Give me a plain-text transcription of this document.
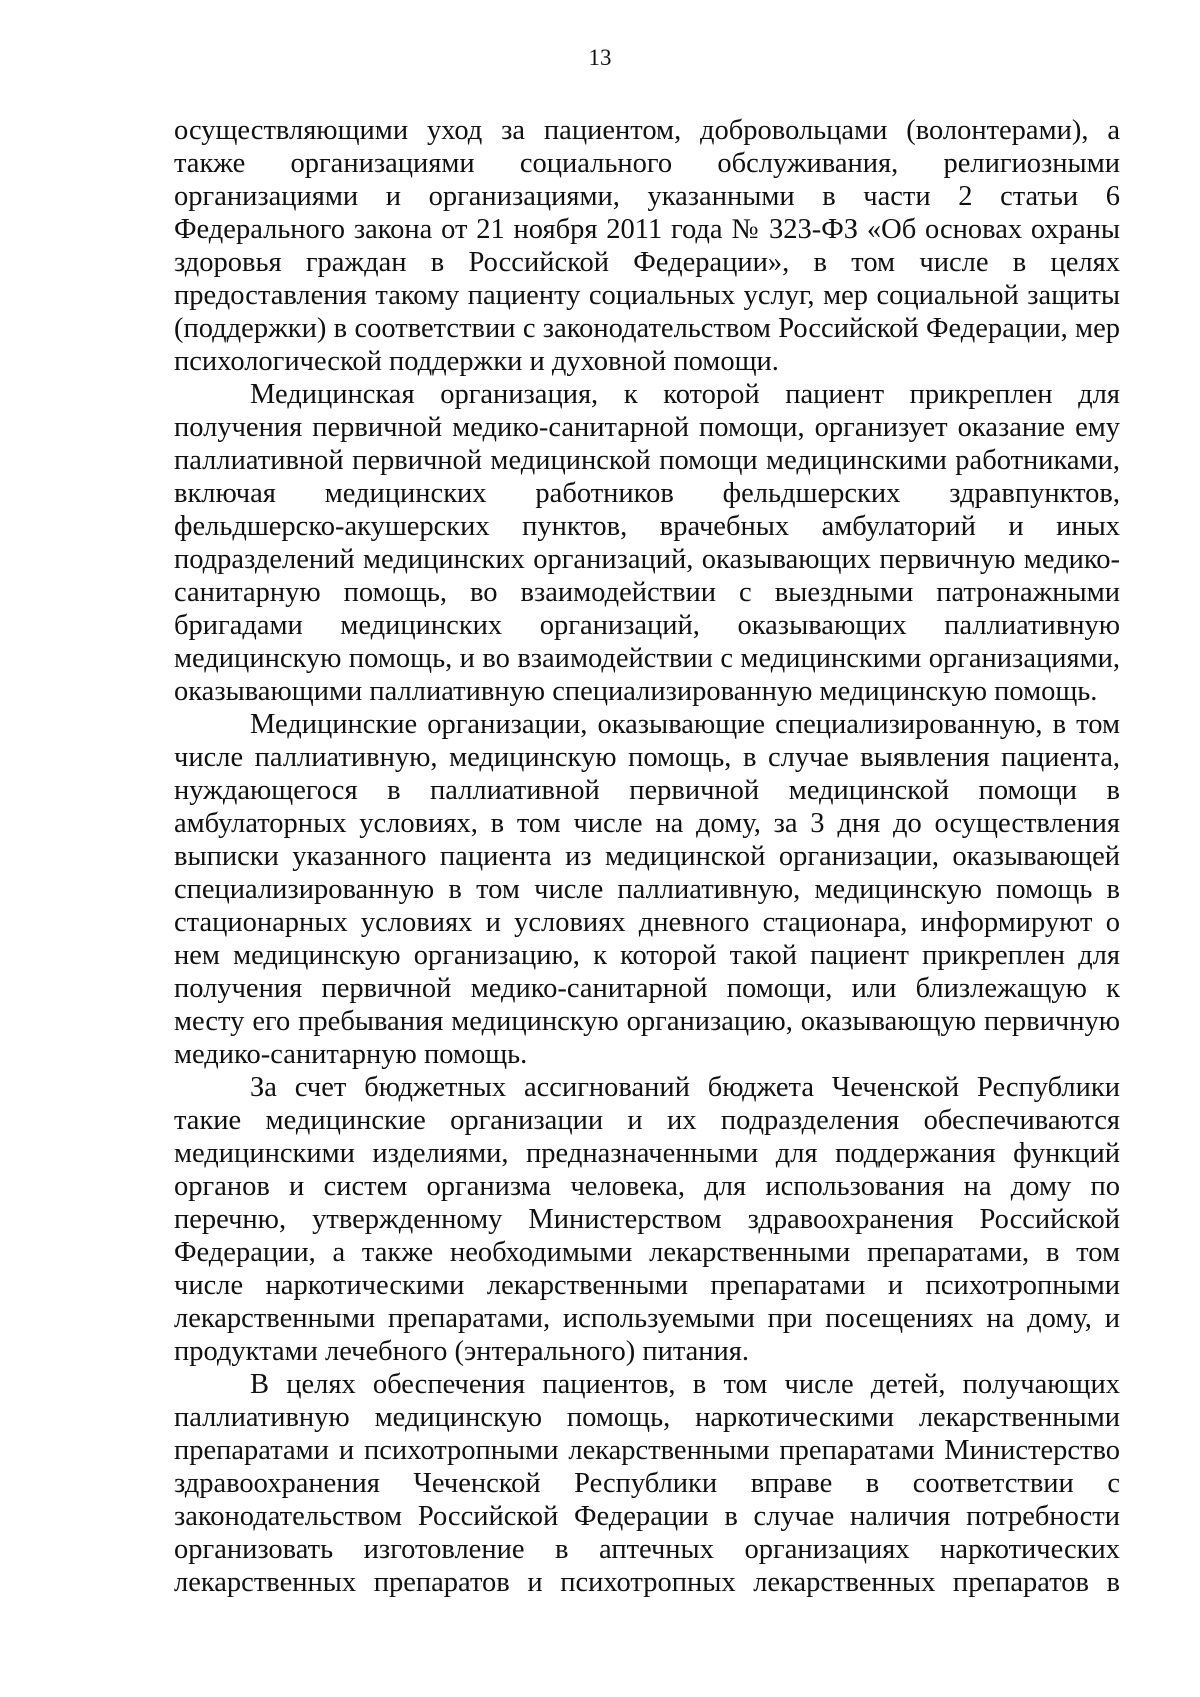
13

осуществляющими уход за пациентом, добровольцами (волонтерами), а также организациями социального обслуживания, религиозными организациями и организациями, указанными в части 2 статьи 6 Федерального закона от 21 ноября 2011 года № 323-ФЗ «Об основах охраны здоровья граждан в Российской Федерации», в том числе в целях предоставления такому пациенту социальных услуг, мер социальной защиты (поддержки) в соответствии с законодательством Российской Федерации, мер психологической поддержки и духовной помощи.

Медицинская организация, к которой пациент прикреплен для получения первичной медико-санитарной помощи, организует оказание ему паллиативной первичной медицинской помощи медицинскими работниками, включая медицинских работников фельдшерских здравпунктов, фельдшерско-акушерских пунктов, врачебных амбулаторий и иных подразделений медицинских организаций, оказывающих первичную медико-санитарную помощь, во взаимодействии с выездными патронажными бригадами медицинских организаций, оказывающих паллиативную медицинскую помощь, и во взаимодействии с медицинскими организациями, оказывающими паллиативную специализированную медицинскую помощь.

Медицинские организации, оказывающие специализированную, в том числе паллиативную, медицинскую помощь, в случае выявления пациента, нуждающегося в паллиативной первичной медицинской помощи в амбулаторных условиях, в том числе на дому, за 3 дня до осуществления выписки указанного пациента из медицинской организации, оказывающей специализированную в том числе паллиативную, медицинскую помощь в стационарных условиях и условиях дневного стационара, информируют о нем медицинскую организацию, к которой такой пациент прикреплен для получения первичной медико-санитарной помощи, или близлежащую к месту его пребывания медицинскую организацию, оказывающую первичную медико-санитарную помощь.

За счет бюджетных ассигнований бюджета Чеченской Республики такие медицинские организации и их подразделения обеспечиваются медицинскими изделиями, предназначенными для поддержания функций органов и систем организма человека, для использования на дому по перечню, утвержденному Министерством здравоохранения Российской Федерации, а также необходимыми лекарственными препаратами, в том числе наркотическими лекарственными препаратами и психотропными лекарственными препаратами, используемыми при посещениях на дому, и продуктами лечебного (энтерального) питания.

В целях обеспечения пациентов, в том числе детей, получающих паллиативную медицинскую помощь, наркотическими лекарственными препаратами и психотропными лекарственными препаратами Министерство здравоохранения Чеченской Республики вправе в соответствии с законодательством Российской Федерации в случае наличия потребности организовать изготовление в аптечных организациях наркотических лекарственных препаратов и психотропных лекарственных препаратов в
